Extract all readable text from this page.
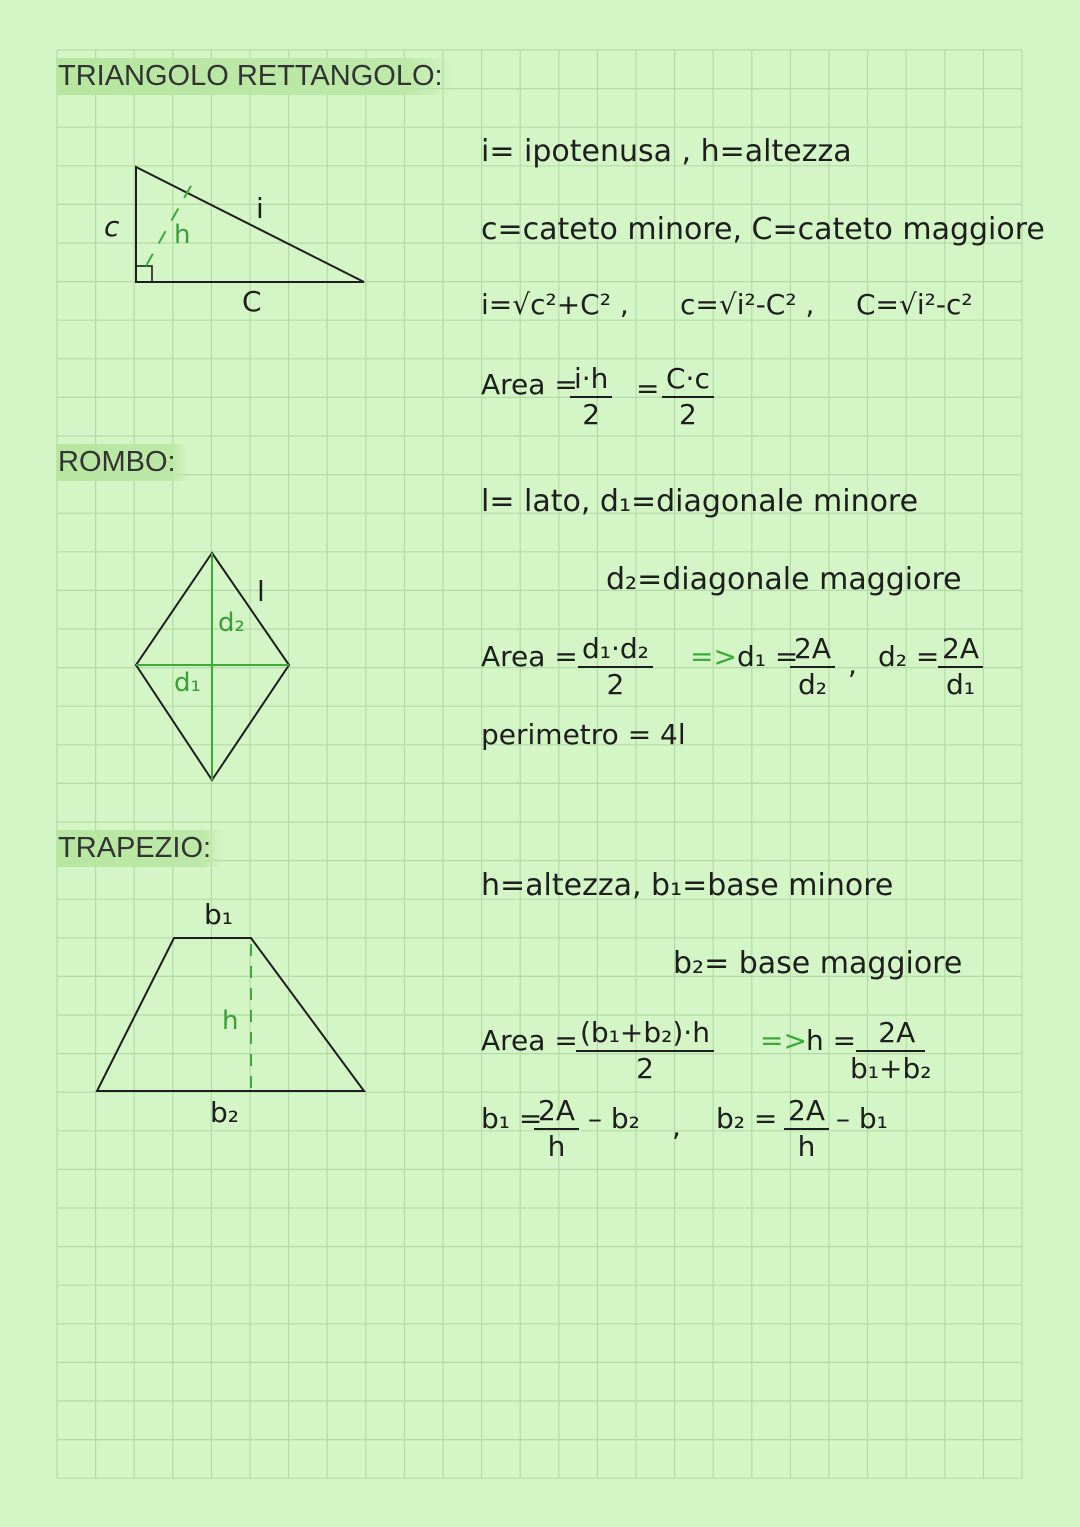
TRIANGOLO RETTANGOLO:
c h
i
C
i= ipotenusa , h=altezza
c=cateto minore, C=cateto maggiore
i=√c²+C² , c=√i²-C² , C=√i²-c²
Area =
$\frac{i\cdot h}{2} = \frac{C\cdot c}{2}$
ROMBO:
l
d₂
d₁
l= lato, d₁=diagonale minore
d₂=diagonale maggiore
Area = $\frac{\text{d₁·d₂}}{2} => d_1$ =
$\frac{2A}{\text{d₂}}$ , d₂ =
$\frac{2A}{\text{d₁}}$
perimetro = 4l
TRAPEZIO:
b₁
h
b₂
h=altezza, b₁=base minore
b₂= base maggiore
Area =
$\frac{\text{(b₁+b₂)·h}}{2} => h$ =
$\frac{2A}{\text{b₁+b₂}}$
b₁ =
$\frac{2A}{h} - b_2$ , $b_2 = \frac{2A}{h} - b_1$
